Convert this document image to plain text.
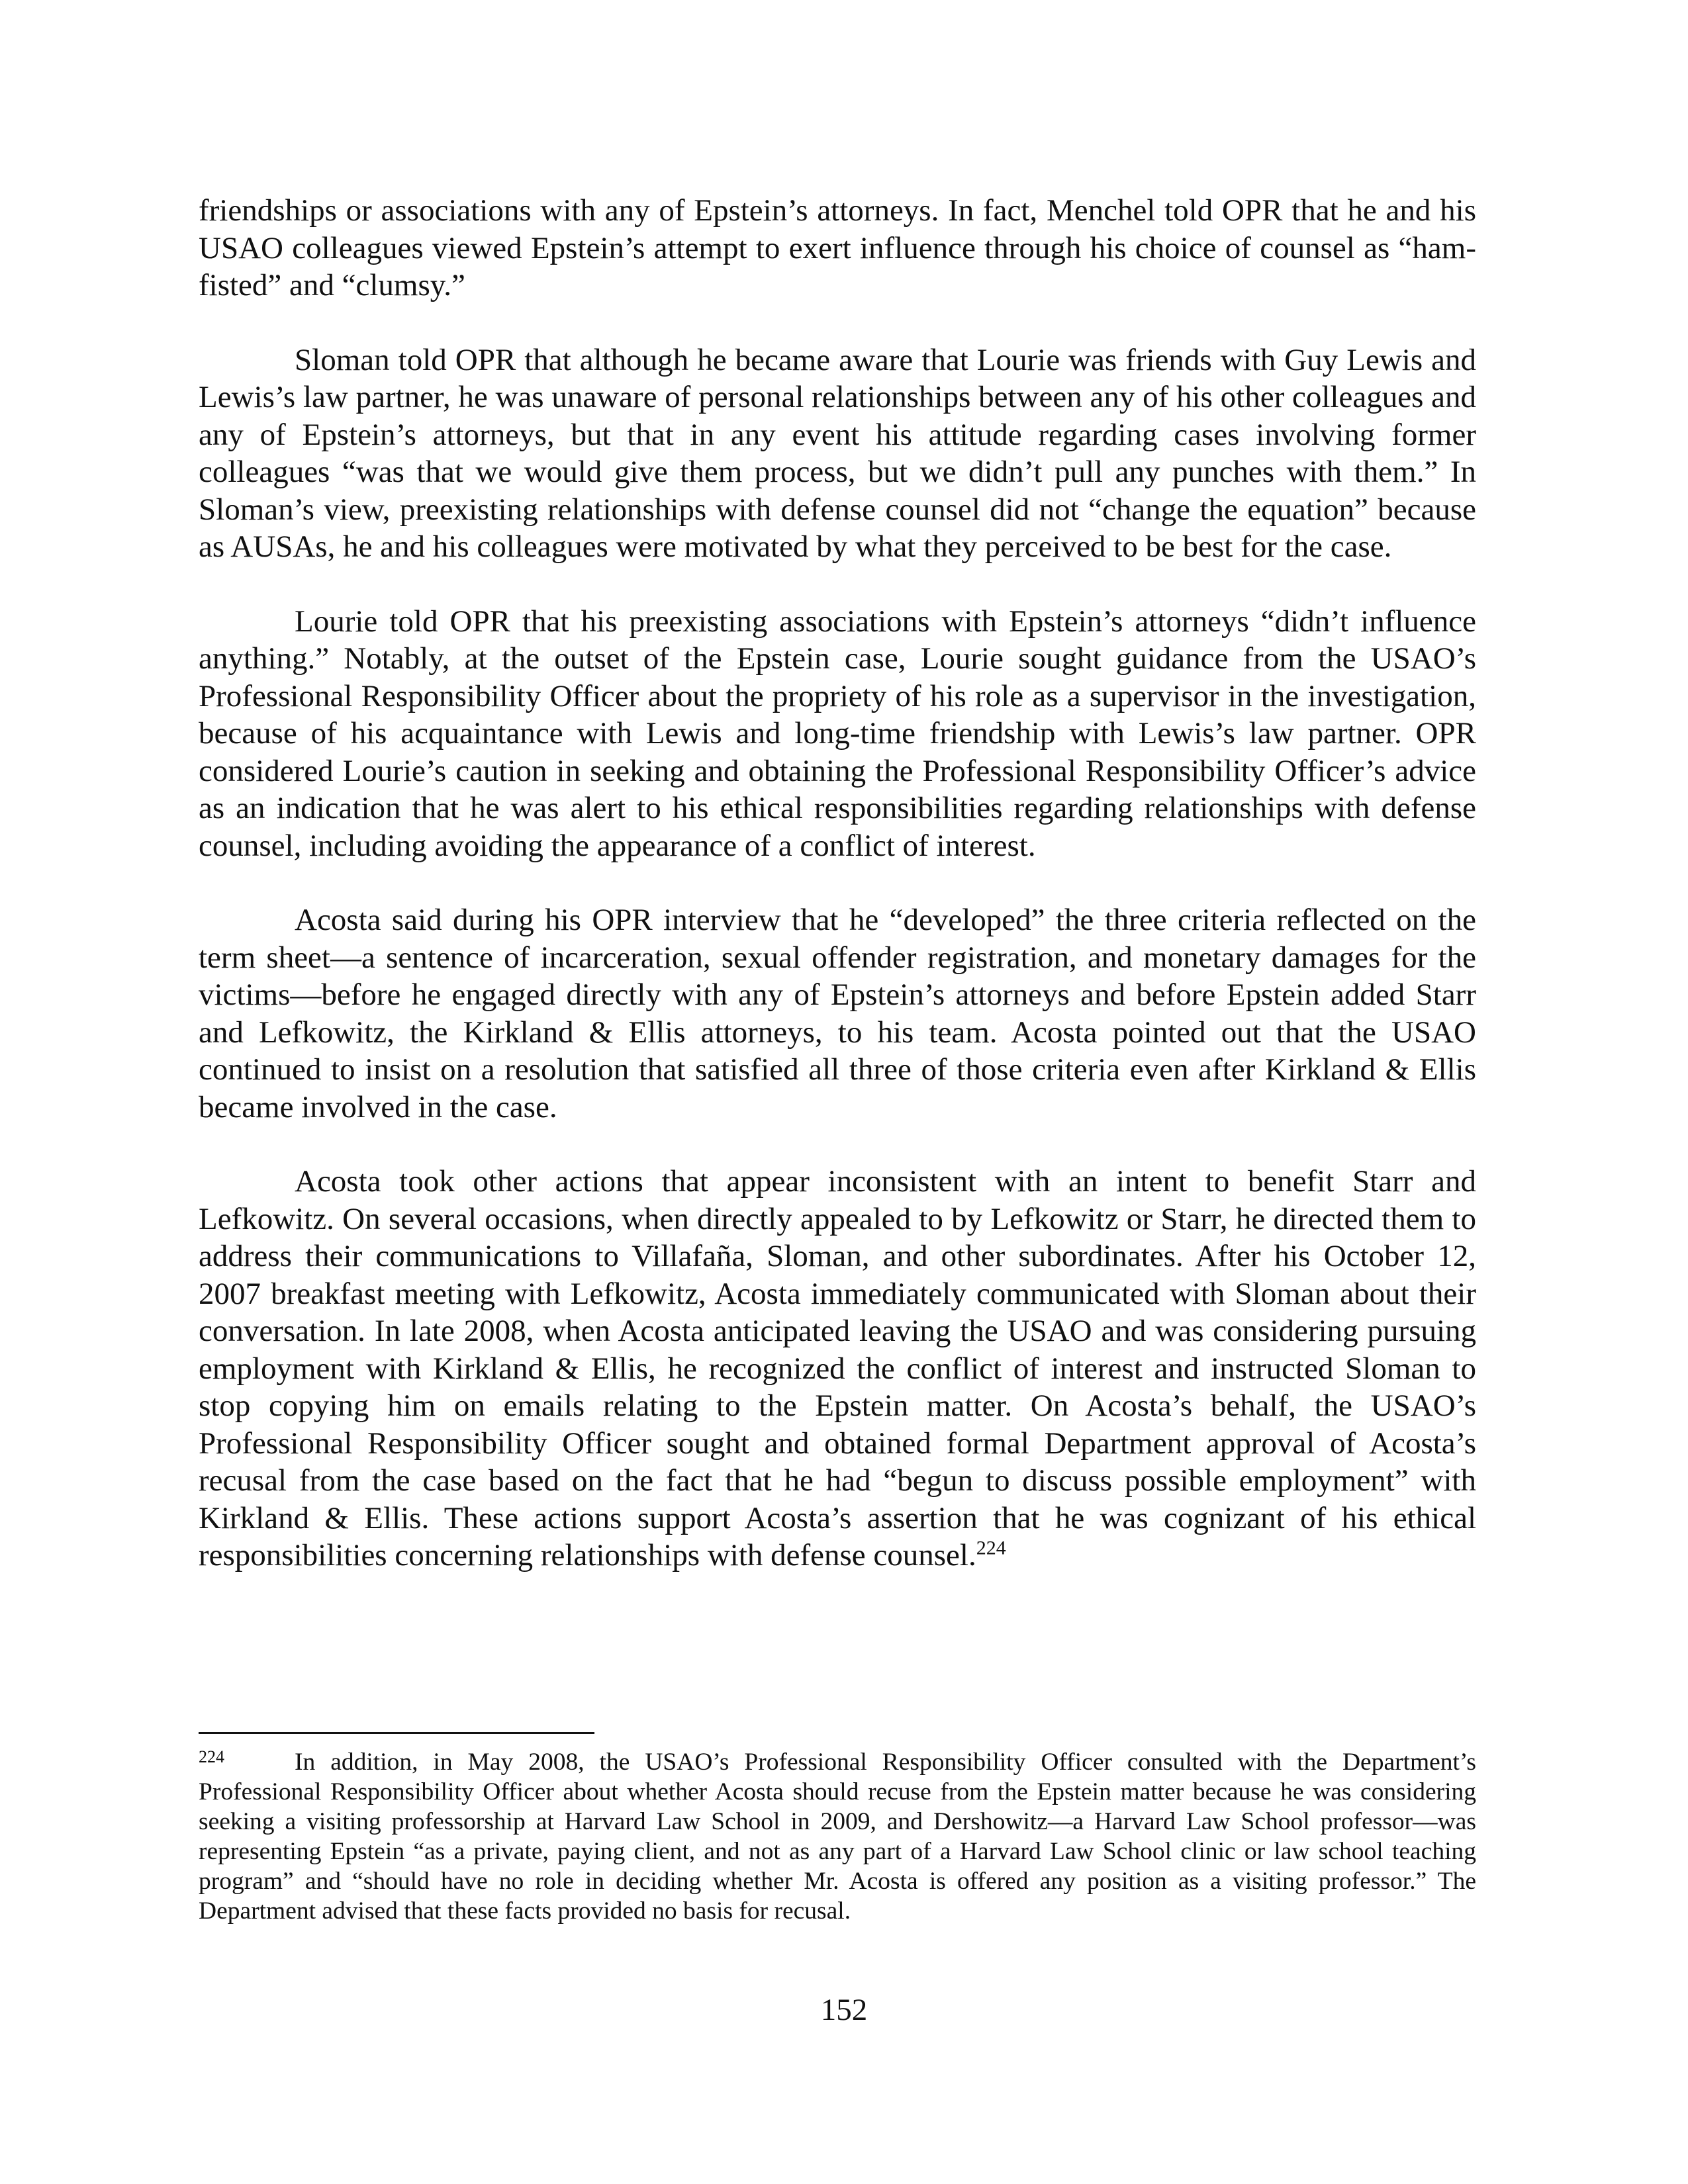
friendships or associations with any of Epstein’s attorneys. In fact, Menchel told OPR that he and his USAO colleagues viewed Epstein’s attempt to exert influence through his choice of counsel as “ham-fisted” and “clumsy.”

Sloman told OPR that although he became aware that Lourie was friends with Guy Lewis and Lewis’s law partner, he was unaware of personal relationships between any of his other colleagues and any of Epstein’s attorneys, but that in any event his attitude regarding cases involving former colleagues “was that we would give them process, but we didn’t pull any punches with them.” In Sloman’s view, preexisting relationships with defense counsel did not “change the equation” because as AUSAs, he and his colleagues were motivated by what they perceived to be best for the case.

Lourie told OPR that his preexisting associations with Epstein’s attorneys “didn’t influence anything.” Notably, at the outset of the Epstein case, Lourie sought guidance from the USAO’s Professional Responsibility Officer about the propriety of his role as a supervisor in the investigation, because of his acquaintance with Lewis and long-time friendship with Lewis’s law partner. OPR considered Lourie’s caution in seeking and obtaining the Professional Responsibility Officer’s advice as an indication that he was alert to his ethical responsibilities regarding relationships with defense counsel, including avoiding the appearance of a conflict of interest.

Acosta said during his OPR interview that he “developed” the three criteria reflected on the term sheet—a sentence of incarceration, sexual offender registration, and monetary damages for the victims—before he engaged directly with any of Epstein’s attorneys and before Epstein added Starr and Lefkowitz, the Kirkland & Ellis attorneys, to his team. Acosta pointed out that the USAO continued to insist on a resolution that satisfied all three of those criteria even after Kirkland & Ellis became involved in the case.

Acosta took other actions that appear inconsistent with an intent to benefit Starr and Lefkowitz. On several occasions, when directly appealed to by Lefkowitz or Starr, he directed them to address their communications to Villafaña, Sloman, and other subordinates. After his October 12, 2007 breakfast meeting with Lefkowitz, Acosta immediately communicated with Sloman about their conversation. In late 2008, when Acosta anticipated leaving the USAO and was considering pursuing employment with Kirkland & Ellis, he recognized the conflict of interest and instructed Sloman to stop copying him on emails relating to the Epstein matter. On Acosta’s behalf, the USAO’s Professional Responsibility Officer sought and obtained formal Department approval of Acosta’s recusal from the case based on the fact that he had “begun to discuss possible employment” with Kirkland & Ellis. These actions support Acosta’s assertion that he was cognizant of his ethical responsibilities concerning relationships with defense counsel.$^{224}$

224	In addition, in May 2008, the USAO’s Professional Responsibility Officer consulted with the Department’s Professional Responsibility Officer about whether Acosta should recuse from the Epstein matter because he was considering seeking a visiting professorship at Harvard Law School in 2009, and Dershowitz—a Harvard Law School professor—was representing Epstein “as a private, paying client, and not as any part of a Harvard Law School clinic or law school teaching program” and “should have no role in deciding whether Mr. Acosta is offered any position as a visiting professor.” The Department advised that these facts provided no basis for recusal.
152
